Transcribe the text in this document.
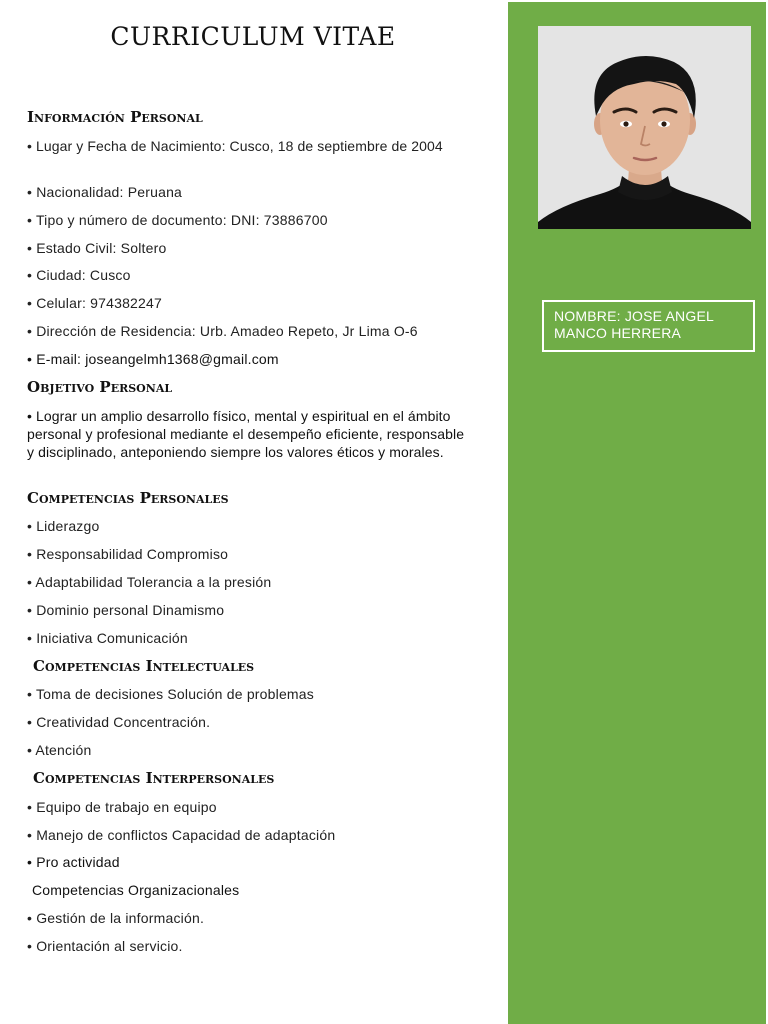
CURRICULUM VITAE
Información Personal
• Lugar y Fecha de Nacimiento: Cusco, 18 de septiembre de 2004
• Nacionalidad: Peruana
• Tipo y número de documento: DNI: 73886700
• Estado Civil: Soltero
• Ciudad: Cusco
• Celular: 974382247
• Dirección de Residencia: Urb. Amadeo Repeto, Jr Lima O-6
• E-mail: joseangelmh1368@gmail.com
Objetivo Personal
• Lograr un amplio desarrollo físico, mental y espiritual en el ámbito personal y profesional mediante el desempeño eficiente, responsable y disciplinado, anteponiendo siempre los valores éticos y morales.
Competencias Personales
• Liderazgo
• Responsabilidad Compromiso
• Adaptabilidad Tolerancia a la presión
• Dominio personal Dinamismo
• Iniciativa Comunicación
Competencias Intelectuales
• Toma de decisiones Solución de problemas
• Creatividad Concentración.
• Atención
Competencias Interpersonales
• Equipo de trabajo en equipo
• Manejo de conflictos Capacidad de adaptación
• Pro actividad
Competencias Organizacionales
• Gestión de la información.
• Orientación al servicio.
NOMBRE: JOSE ANGEL MANCO HERRERA
